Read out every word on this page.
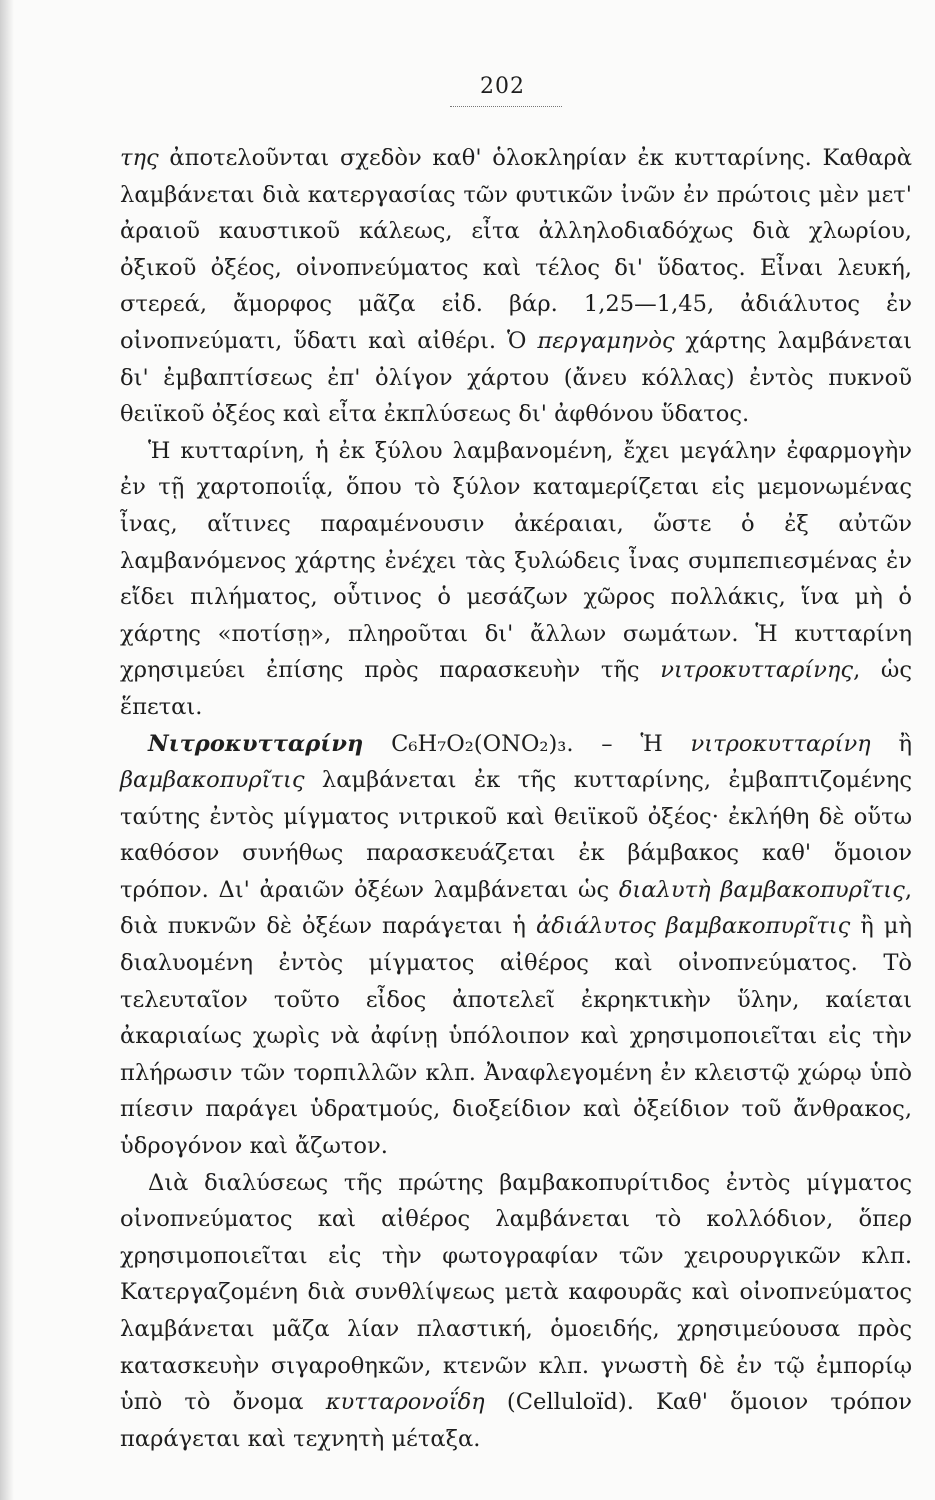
202

της ἀποτελοῦνται σχεδὸν καθ' ὁλοκληρίαν ἐκ κυτταρίνης. Καθαρὰ λαμβάνεται διὰ κατεργασίας τῶν φυτικῶν ἰνῶν ἐν πρώτοις μὲν μετ' ἀραιοῦ καυστικοῦ κάλεως, εἶτα ἀλληλοδιαδόχως διὰ χλωρίου, ὀξικοῦ ὀξέος, οἰνοπνεύματος καὶ τέλος δι' ὕδατος. Εἶναι λευκή, στερεά, ἄμορφος μᾶζα εἰδ. βάρ. 1,25—1,45, ἀδιάλυτος ἐν οἰνοπνεύματι, ὕδατι καὶ αἰθέρι. Ὁ περγαμηνὸς χάρτης λαμβάνεται δι' ἐμβαπτίσεως ἐπ' ὀλίγον χάρτου (ἄνευ κόλλας) ἐντὸς πυκνοῦ θειϊκοῦ ὀξέος καὶ εἶτα ἐκπλύσεως δι' ἀφθόνου ὕδατος.

Ἡ κυτταρίνη, ἡ ἐκ ξύλου λαμβανομένη, ἔχει μεγάλην ἐφαρμογὴν ἐν τῇ χαρτοποιΐᾳ, ὅπου τὸ ξύλον καταμερίζεται εἰς μεμονωμένας ἶνας, αἵτινες παραμένουσιν ἀκέραιαι, ὥστε ὁ ἐξ αὐτῶν λαμβανόμενος χάρτης ἐνέχει τὰς ξυλώδεις ἶνας συμπεπιεσμένας ἐν εἴδει πιλήματος, οὗτινος ὁ μεσάζων χῶρος πολλάκις, ἵνα μὴ ὁ χάρτης «ποτίσῃ», πληροῦται δι' ἄλλων σωμάτων. Ἡ κυτταρίνη χρησιμεύει ἐπίσης πρὸς παρασκευὴν τῆς νιτροκυτταρίνης, ὡς ἕπεται.

Νιτροκυτταρίνη C₆H₇O₂(ONO₂)₃. – Ἡ νιτροκυτταρίνη ἢ βαμβακοπυρῖτις λαμβάνεται ἐκ τῆς κυτταρίνης, ἐμβαπτιζομένης ταύτης ἐντὸς μίγματος νιτρικοῦ καὶ θειϊκοῦ ὀξέος· ἐκλήθη δὲ οὕτω καθόσον συνήθως παρασκευάζεται ἐκ βάμβακος καθ' ὅμοιον τρόπον. Δι' ἀραιῶν ὀξέων λαμβάνεται ὡς διαλυτὴ βαμβακοπυρῖτις, διὰ πυκνῶν δὲ ὀξέων παράγεται ἡ ἀδιάλυτος βαμβακοπυρῖτις ἢ μὴ διαλυομένη ἐντὸς μίγματος αἰθέρος καὶ οἰνοπνεύματος. Τὸ τελευταῖον τοῦτο εἶδος ἀποτελεῖ ἐκρηκτικὴν ὕλην, καίεται ἀκαριαίως χωρὶς νὰ ἀφίνῃ ὑπόλοιπον καὶ χρησιμοποιεῖται εἰς τὴν πλήρωσιν τῶν τορπιλλῶν κλπ. Ἀναφλεγομένη ἐν κλειστῷ χώρῳ ὑπὸ πίεσιν παράγει ὑδρατμούς, διοξείδιον καὶ ὀξείδιον τοῦ ἄνθρακος, ὑδρογόνον καὶ ἄζωτον.

Διὰ διαλύσεως τῆς πρώτης βαμβακοπυρίτιδος ἐντὸς μίγματος οἰνοπνεύματος καὶ αἰθέρος λαμβάνεται τὸ κολλόδιον, ὅπερ χρησιμοποιεῖται εἰς τὴν φωτογραφίαν τῶν χειρουργικῶν κλπ. Κατεργαζομένη διὰ συνθλίψεως μετὰ καφουρᾶς καὶ οἰνοπνεύματος λαμβάνεται μᾶζα λίαν πλαστική, ὁμοειδής, χρησιμεύουσα πρὸς κατασκευὴν σιγαροθηκῶν, κτενῶν κλπ. γνωστὴ δὲ ἐν τῷ ἐμπορίῳ ὑπὸ τὸ ὄνομα κυτταρονοΐδη (Celluloïd). Καθ' ὅμοιον τρόπον παράγεται καὶ τεχνητὴ μέταξα.
